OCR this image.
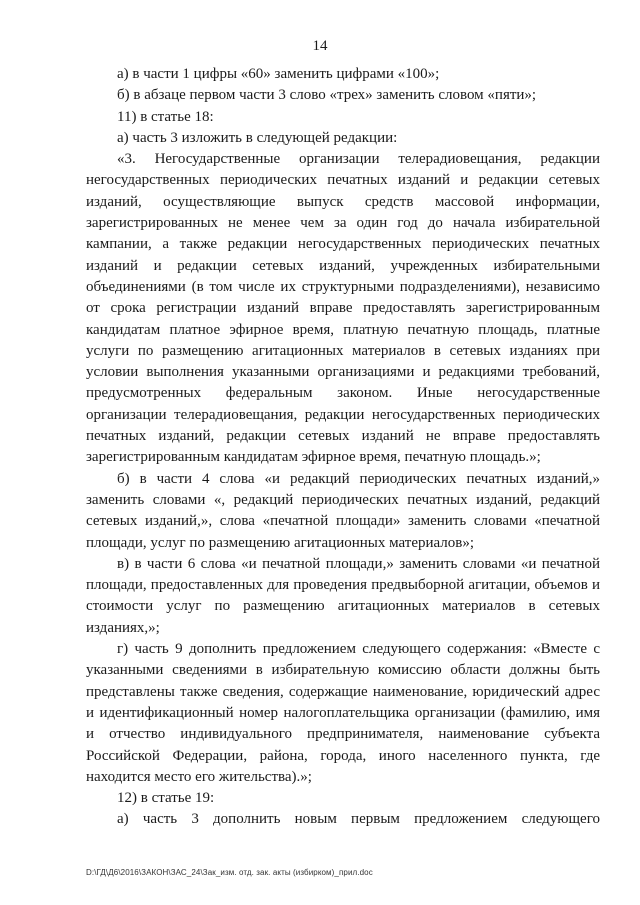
14

а) в части 1 цифры «60» заменить цифрами «100»;

б) в абзаце первом части 3 слово «трех» заменить словом «пяти»;

11) в статье 18:

а) часть 3 изложить в следующей редакции:

«3. Негосударственные организации телерадиовещания, редакции негосударственных периодических печатных изданий и редакции сетевых изданий, осуществляющие выпуск средств массовой информации, зарегистрированных не менее чем за один год до начала избирательной кампании, а также редакции негосударственных периодических печатных изданий и редакции сетевых изданий, учрежденных избирательными объединениями (в том числе их структурными подразделениями), независимо от срока регистрации изданий вправе предоставлять зарегистрированным кандидатам платное эфирное время, платную печатную площадь, платные услуги по размещению агитационных материалов в сетевых изданиях при условии выполнения указанными организациями и редакциями требований, предусмотренных федеральным законом. Иные негосударственные организации телерадиовещания, редакции негосударственных периодических печатных изданий, редакции сетевых изданий не вправе предоставлять зарегистрированным кандидатам эфирное время, печатную площадь.»;

б) в части 4 слова «и редакций периодических печатных изданий,» заменить словами «, редакций периодических печатных изданий, редакций сетевых изданий,», слова «печатной площади» заменить словами «печатной площади, услуг по размещению агитационных материалов»;

в) в части 6 слова «и печатной площади,» заменить словами «и печатной площади, предоставленных для проведения предвыборной агитации, объемов и стоимости услуг по размещению агитационных материалов в сетевых изданиях,»;

г) часть 9 дополнить предложением следующего содержания: «Вместе с указанными сведениями в избирательную комиссию области должны быть представлены также сведения, содержащие наименование, юридический адрес и идентификационный номер налогоплательщика организации (фамилию, имя и отчество индивидуального предпринимателя, наименование субъекта Российской Федерации, района, города, иного населенного пункта, где находится место его жительства).»;

12) в статье 19:

а) часть 3 дополнить новым первым предложением следующего

D:\ГД\Д6\2016\ЗАКОН\ЗАС_24\Зак_изм. отд. зак. акты (избирком)_прил.doc
